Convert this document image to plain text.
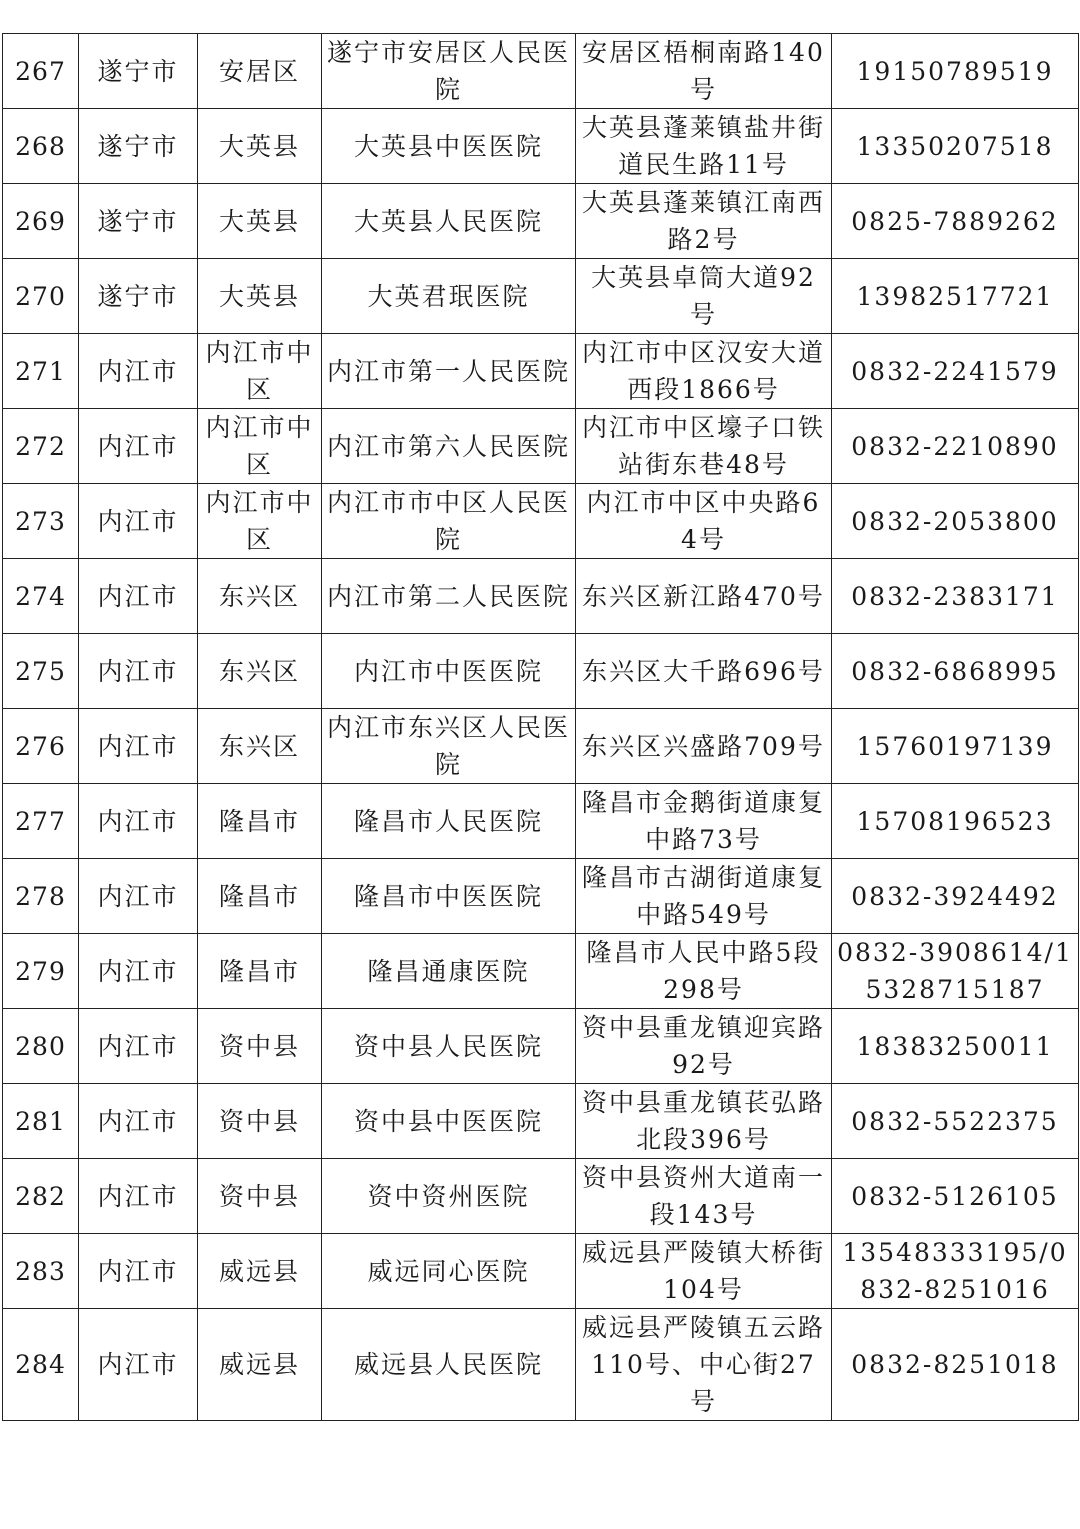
267	遂宁市	安居区	遂宁市安居区人民医院	安居区梧桐南路140号	19150789519
268	遂宁市	大英县	大英县中医医院	大英县蓬莱镇盐井街道民生路11号	13350207518
269	遂宁市	大英县	大英县人民医院	大英县蓬莱镇江南西路2号	0825-7889262
270	遂宁市	大英县	大英君珉医院	大英县卓筒大道92号	13982517721
271	内江市	内江市中区	内江市第一人民医院	内江市中区汉安大道西段1866号	0832-2241579
272	内江市	内江市中区	内江市第六人民医院	内江市中区壕子口铁站街东巷48号	0832-2210890
273	内江市	内江市中区	内江市市中区人民医院	内江市中区中央路64号	0832-2053800
274	内江市	东兴区	内江市第二人民医院	东兴区新江路470号	0832-2383171
275	内江市	东兴区	内江市中医医院	东兴区大千路696号	0832-6868995
276	内江市	东兴区	内江市东兴区人民医院	东兴区兴盛路709号	15760197139
277	内江市	隆昌市	隆昌市人民医院	隆昌市金鹅街道康复中路73号	15708196523
278	内江市	隆昌市	隆昌市中医医院	隆昌市古湖街道康复中路549号	0832-3924492
279	内江市	隆昌市	隆昌通康医院	隆昌市人民中路5段298号	0832-3908614/15328715187
280	内江市	资中县	资中县人民医院	资中县重龙镇迎宾路92号	18383250011
281	内江市	资中县	资中县中医医院	资中县重龙镇苌弘路北段396号	0832-5522375
282	内江市	资中县	资中资州医院	资中县资州大道南一段143号	0832-5126105
283	内江市	威远县	威远同心医院	威远县严陵镇大桥街104号	13548333195/0832-8251016
284	内江市	威远县	威远县人民医院	威远县严陵镇五云路110号、中心街27号	0832-8251018
